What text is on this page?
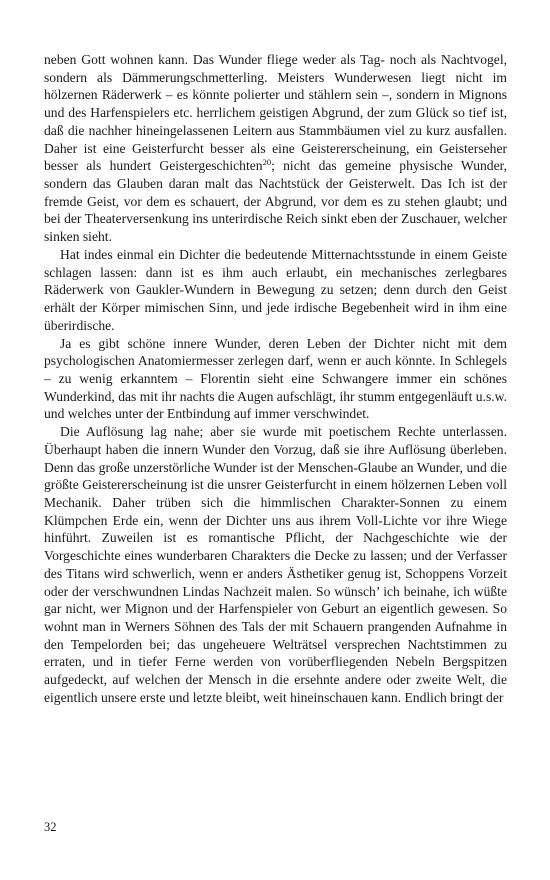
neben Gott wohnen kann. Das Wunder fliege weder als Tag- noch als Nachtvogel, sondern als Dämmerungschmetterling. Meisters Wunderwesen liegt nicht im hölzernen Räderwerk – es könnte polierter und stählern sein –, sondern in Mignons und des Harfenspielers etc. herrlichem geistigen Abgrund, der zum Glück so tief ist, daß die nachher hineingelassenen Leitern aus Stammbäumen viel zu kurz ausfallen. Daher ist eine Geisterfurcht besser als eine Geistererscheinung, ein Geisterseher besser als hundert Geistergeschichten$^{20}$; nicht das gemeine physische Wunder, sondern das Glauben daran malt das Nachtstück der Geisterwelt. Das Ich ist der fremde Geist, vor dem es schauert, der Abgrund, vor dem es zu stehen glaubt; und bei der Theaterversenkung ins unterirdische Reich sinkt eben der Zuschauer, welcher sinken sieht.

Hat indes einmal ein Dichter die bedeutende Mitternachtsstunde in einem Geiste schlagen lassen: dann ist es ihm auch erlaubt, ein mechanisches zerlegbares Räderwerk von Gaukler-Wundern in Bewegung zu setzen; denn durch den Geist erhält der Körper mimischen Sinn, und jede irdische Begebenheit wird in ihm eine überirdische.

Ja es gibt schöne innere Wunder, deren Leben der Dichter nicht mit dem psychologischen Anatomiermesser zerlegen darf, wenn er auch könnte. In Schlegels – zu wenig erkanntem – Florentin sieht eine Schwangere immer ein schönes Wunderkind, das mit ihr nachts die Augen aufschlägt, ihr stumm entgegenläuft u.s.w. und welches unter der Entbindung auf immer verschwindet.

Die Auflösung lag nahe; aber sie wurde mit poetischem Rechte unterlassen. Überhaupt haben die innern Wunder den Vorzug, daß sie ihre Auflösung überleben. Denn das große unzerstörliche Wunder ist der Menschen-Glaube an Wunder, und die größte Geistererscheinung ist die unsrer Geisterfurcht in einem hölzernen Leben voll Mechanik. Daher trüben sich die himmlischen Charakter-Sonnen zu einem Klümpchen Erde ein, wenn der Dichter uns aus ihrem Voll-Lichte vor ihre Wiege hinführt. Zuweilen ist es romantische Pflicht, der Nachgeschichte wie der Vorgeschichte eines wunderbaren Charakters die Decke zu lassen; und der Verfasser des Titans wird schwerlich, wenn er anders Ästhetiker genug ist, Schoppens Vorzeit oder der verschwundnen Lindas Nachzeit malen. So wünsch’ ich beinahe, ich wüßte gar nicht, wer Mignon und der Harfenspieler von Geburt an eigentlich gewesen. So wohnt man in Werners Söhnen des Tals der mit Schauern prangenden Aufnahme in den Tempelorden bei; das ungeheuere Welträtsel versprechen Nachtstimmen zu erraten, und in tiefer Ferne werden von vorüberfliegenden Nebeln Bergspitzen aufgedeckt, auf welchen der Mensch in die ersehnte andere oder zweite Welt, die eigentlich unsere erste und letzte bleibt, weit hineinschauen kann. Endlich bringt der

32
